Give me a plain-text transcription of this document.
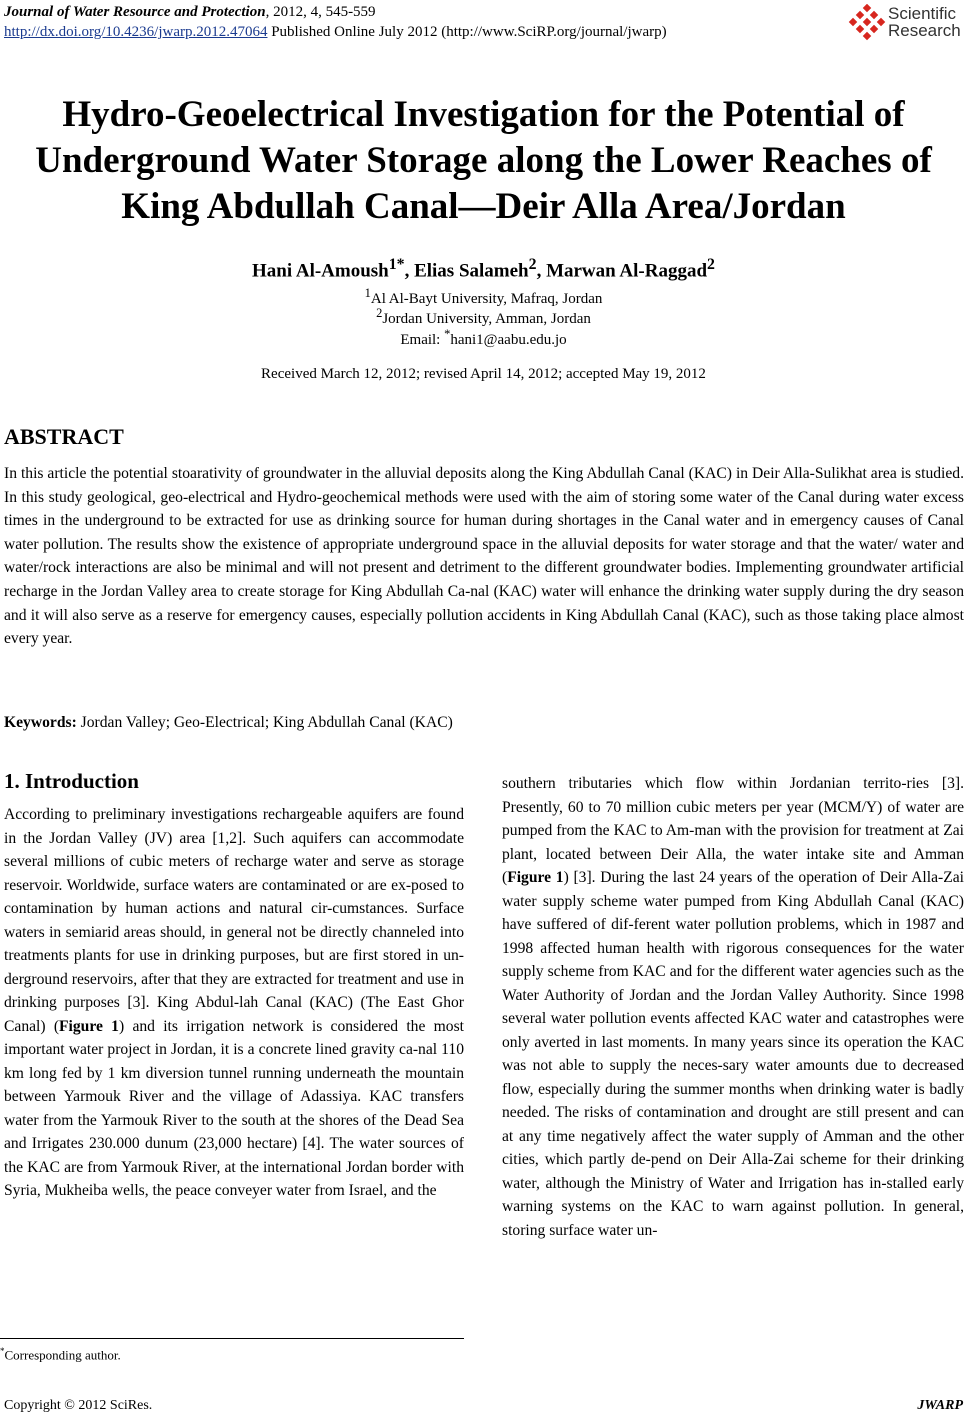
Journal of Water Resource and Protection, 2012, 4, 545-559
http://dx.doi.org/10.4236/jwarp.2012.47064 Published Online July 2012 (http://www.SciRP.org/journal/jwarp)
Scientific
Research
Hydro-Geoelectrical Investigation for the Potential of
Underground Water Storage along the Lower Reaches of
King Abdullah Canal—Deir Alla Area/Jordan
Hani Al-Amoush$^{1*}$, Elias Salameh$^2$, Marwan Al-Raggad$^2$
$^1$Al Al-Bayt University, Mafraq, Jordan
$^2$Jordan University, Amman, Jordan
Email: *hani1@aabu.edu.jo
Received March 12, 2012; revised April 14, 2012; accepted May 19, 2012
ABSTRACT
In this article the potential stoarativity of groundwater in the alluvial deposits along the King Abdullah Canal (KAC) in Deir Alla-Sulikhat area is studied. In this study geological, geo-electrical and Hydro-geochemical methods were used with the aim of storing some water of the Canal during water excess times in the underground to be extracted for use as drinking source for human during shortages in the Canal water and in emergency causes of Canal water pollution. The results show the existence of appropriate underground space in the alluvial deposits for water storage and that the water/ water and water/rock interactions are also be minimal and will not present and detriment to the different groundwater bodies. Implementing groundwater artificial recharge in the Jordan Valley area to create storage for King Abdullah Ca-nal (KAC) water will enhance the drinking water supply during the dry season and it will also serve as a reserve for emergency causes, especially pollution accidents in King Abdullah Canal (KAC), such as those taking place almost every year.
Keywords: Jordan Valley; Geo-Electrical; King Abdullah Canal (KAC)
1. Introduction
According to preliminary investigations rechargeable aquifers are found in the Jordan Valley (JV) area [1,2]. Such aquifers can accommodate several millions of cubic meters of recharge water and serve as storage reservoir. Worldwide, surface waters are contaminated or are ex-posed to contamination by human actions and natural cir-cumstances. Surface waters in semiarid areas should, in general not be directly channeled into treatments plants for use in drinking purposes, but are first stored in un-derground reservoirs, after that they are extracted for treatment and use in drinking purposes [3]. King Abdul-lah Canal (KAC) (The East Ghor Canal) (Figure 1) and its irrigation network is considered the most important water project in Jordan, it is a concrete lined gravity ca-nal 110 km long fed by 1 km diversion tunnel running underneath the mountain between Yarmouk River and the village of Adassiya. KAC transfers water from the Yarmouk River to the south at the shores of the Dead Sea and Irrigates 230.000 dunum (23,000 hectare) [4]. The water sources of the KAC are from Yarmouk River, at the international Jordan border with Syria, Mukheiba wells, the peace conveyer water from Israel, and the
southern tributaries which flow within Jordanian territo-ries [3]. Presently, 60 to 70 million cubic meters per year (MCM/Y) of water are pumped from the KAC to Am-man with the provision for treatment at Zai plant, located between Deir Alla, the water intake site and Amman (Figure 1) [3]. During the last 24 years of the operation of Deir Alla-Zai water supply scheme water pumped from King Abdullah Canal (KAC) have suffered of dif-ferent water pollution problems, which in 1987 and 1998 affected human health with rigorous consequences for the water supply scheme from KAC and for the different water agencies such as the Water Authority of Jordan and the Jordan Valley Authority. Since 1998 several water pollution events affected KAC water and catastrophes were only averted in last moments. In many years since its operation the KAC was not able to supply the neces-sary water amounts due to decreased flow, especially during the summer months when drinking water is badly needed. The risks of contamination and drought are still present and can at any time negatively affect the water supply of Amman and the other cities, which partly de-pend on Deir Alla-Zai scheme for their drinking water, although the Ministry of Water and Irrigation has in-stalled early warning systems on the KAC to warn against pollution. In general, storing surface water un-
*Corresponding author.
Copyright © 2012 SciRes.	JWARP
